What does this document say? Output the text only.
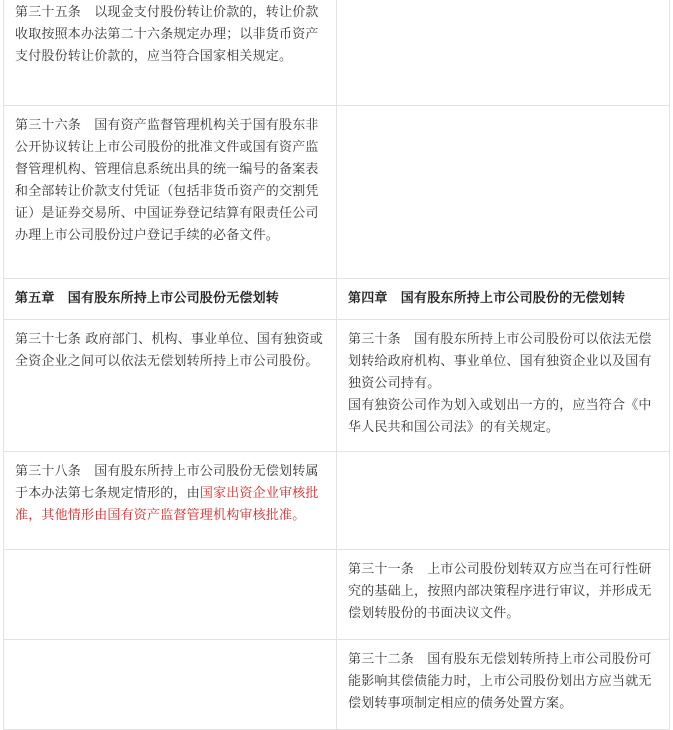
第三十五条　以现金支付股份转让价款的，转让价款收取按照本办法第二十六条规定办理；以非货币资产支付股份转让价款的，应当符合国家相关规定。	

第三十六条　国有资产监督管理机构关于国有股东非公开协议转让上市公司股份的批准文件或国有资产监督管理机构、管理信息系统出具的统一编号的备案表和全部转让价款支付凭证（包括非货币资产的交割凭证）是证券交易所、中国证券登记结算有限责任公司办理上市公司股份过户登记手续的必备文件。	

第五章　国有股东所持上市公司股份无偿划转	第四章　国有股东所持上市公司股份的无偿划转

第三十七条 政府部门、机构、事业单位、国有独资或全资企业之间可以依法无偿划转所持上市公司股份。	第三十条　国有股东所持上市公司股份可以依法无偿划转给政府机构、事业单位、国有独资企业以及国有独资公司持有。
国有独资公司作为划入或划出一方的，应当符合《中华人民共和国公司法》的有关规定。

第三十八条　国有股东所持上市公司股份无偿划转属于本办法第七条规定情形的，由国家出资企业审核批准，其他情形由国有资产监督管理机构审核批准。	

	第三十一条　上市公司股份划转双方应当在可行性研究的基础上，按照内部决策程序进行审议，并形成无偿划转股份的书面决议文件。

	第三十二条　国有股东无偿划转所持上市公司股份可能影响其偿债能力时，上市公司股份划出方应当就无偿划转事项制定相应的债务处置方案。
